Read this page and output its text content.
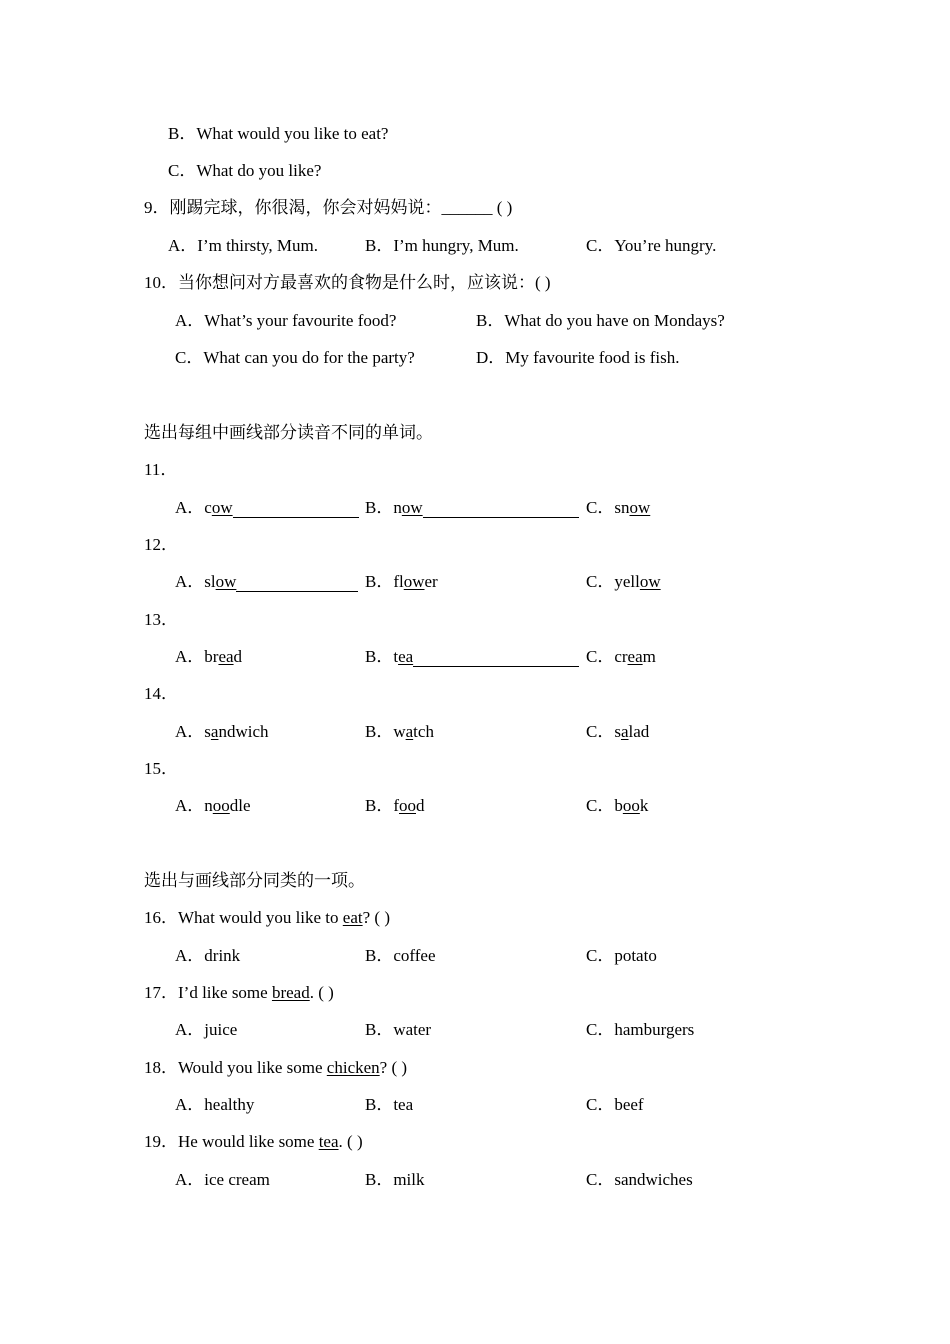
B．What would you like to eat?
C．What do you like?
9．刚踢完球，你很渴，你会对妈妈说：______ ( )
A．I’m thirsty, Mum.	B．I’m hungry, Mum.	C．You’re hungry.
10．当你想问对方最喜欢的食物是什么时，应该说：( )
A．What’s your favourite food?	B．What do you have on Mondays?
C．What can you do for the party?	D．My favourite food is fish.
选出每组中画线部分读音不同的单词。
11．
A．cow	B．now	C．snow
12．
A．slow	B．flower	C．yellow
13．
A．bread	B．tea	C．cream
14．
A．sandwich	B．watch	C．salad
15．
A．noodle	B．food	C．book
选出与画线部分同类的一项。
16．What would you like to eat? ( )
A．drink	B．coffee	C．potato
17．I’d like some bread. ( )
A．juice	B．water	C．hamburgers
18．Would you like some chicken? ( )
A．healthy	B．tea	C．beef
19．He would like some tea. ( )
A．ice cream	B．milk	C．sandwiches
